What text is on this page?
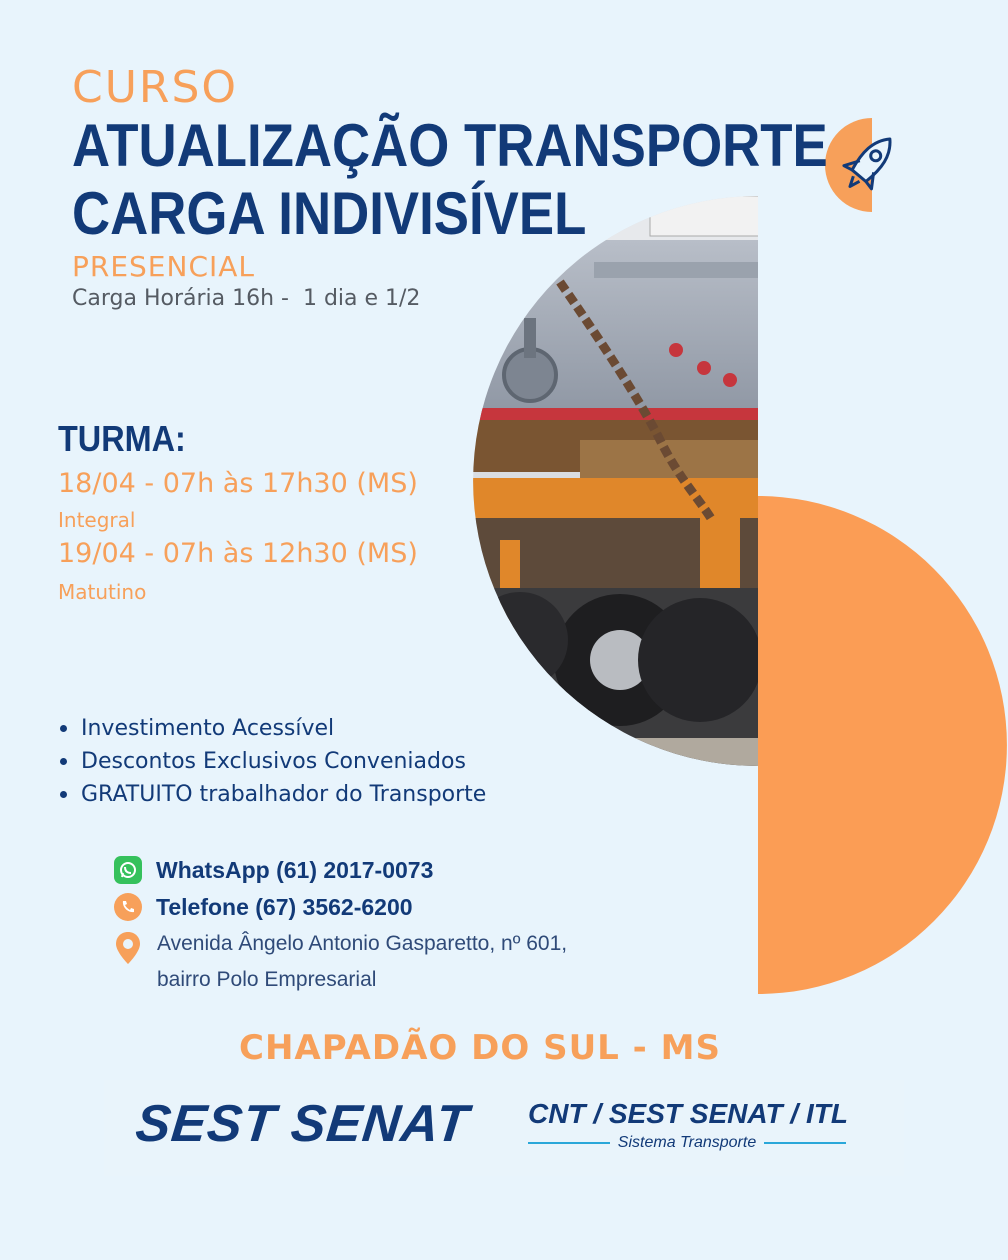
CURSO
ATUALIZAÇÃO TRANSPORTE
CARGA INDIVISÍVEL
PRESENCIAL
Carga Horária 16h -  1 dia e 1/2
TURMA:
18/04 - 07h às 17h30 (MS)
Integral
19/04 - 07h às 12h30 (MS)
Matutino
Investimento Acessível
Descontos Exclusivos Conveniados
GRATUITO trabalhador do Transporte
WhatsApp (61) 2017-0073
Telefone (67) 3562-6200
Avenida Ângelo Antonio Gasparetto, nº 601,
bairro Polo Empresarial
CHAPADÃO DO SUL - MS
SEST SENAT CNT / SEST SENAT / ITL
Sistema Transporte
